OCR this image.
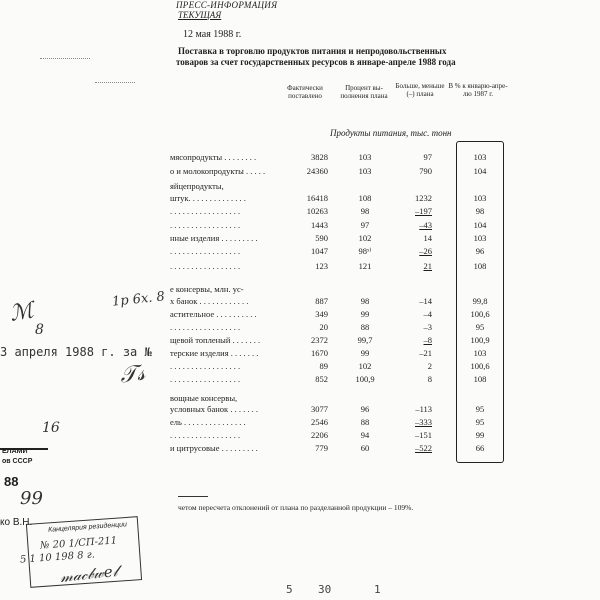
ПРЕСС-ИНФОРМАЦИЯ
ТЕКУЩАЯ
12 мая 1988 г.
Поставка в торговлю продуктов питания и непродовольственных
товаров за счет государственных ресурсов в январе-апреле 1988 года
Фактически поставлено
Процент вы- полнения плана
Больше, меньше (–) плана
В % к январю-апре- лю 1987 г.
Продукты питания, тыс. тонн
мясопродукты . . . . . . . .	3828	103	97	103
о и молокопродукты . . . . .	24360	103	790	104
яйцепродукты,
штук. . . . . . . . . . . . . .	16418	108	1232	103
. . . . . . . . . . . . . . . . .	10263	98	–197	98
. . . . . . . . . . . . . . . . .	1443	97	–43	104
нные изделия . . . . . . . . .	590	102	14	103
. . . . . . . . . . . . . . . . .	1047	98ˣ⁾	–26	96
. . . . . . . . . . . . . . . . .	123	121	21	108
е консервы, млн. ус-
х банок . . . . . . . . . . . .	887	98	–14	99,8
астительное . . . . . . . . . .	349	99	–4	100,6
. . . . . . . . . . . . . . . . .	20	88	–3	95
щевой топленый . . . . . . .	2372	99,7	–8	100,9
терские изделия . . . . . . .	1670	99	–21	103
. . . . . . . . . . . . . . . . .	89	102	2	100,6
. . . . . . . . . . . . . . . . .	852	100,9	8	108
вощные консервы,
условных банок . . . . . . .	3077	96	–113	95
ель . . . . . . . . . . . . . . .	2546	88	–333	95
. . . . . . . . . . . . . . . . .	2206	94	–151	99
и цитрусовые . . . . . . . . .	779	60	–522	66
четом пересчета отклонений от плана по разделанной продукции – 109%.
5 30	1
1р 6х. 8
ℳ
8
3 апреля 1988 г. за №
𝒯𝓈
16
ЕЛАМИ
ов СССР
88
99
ко В.Н. Канцелярия резиденции
№ 20 1/СП-211
5 1 10 198 8 г.
𝓂𝒶𝒸𝒷𝓌𝑒𝓁
